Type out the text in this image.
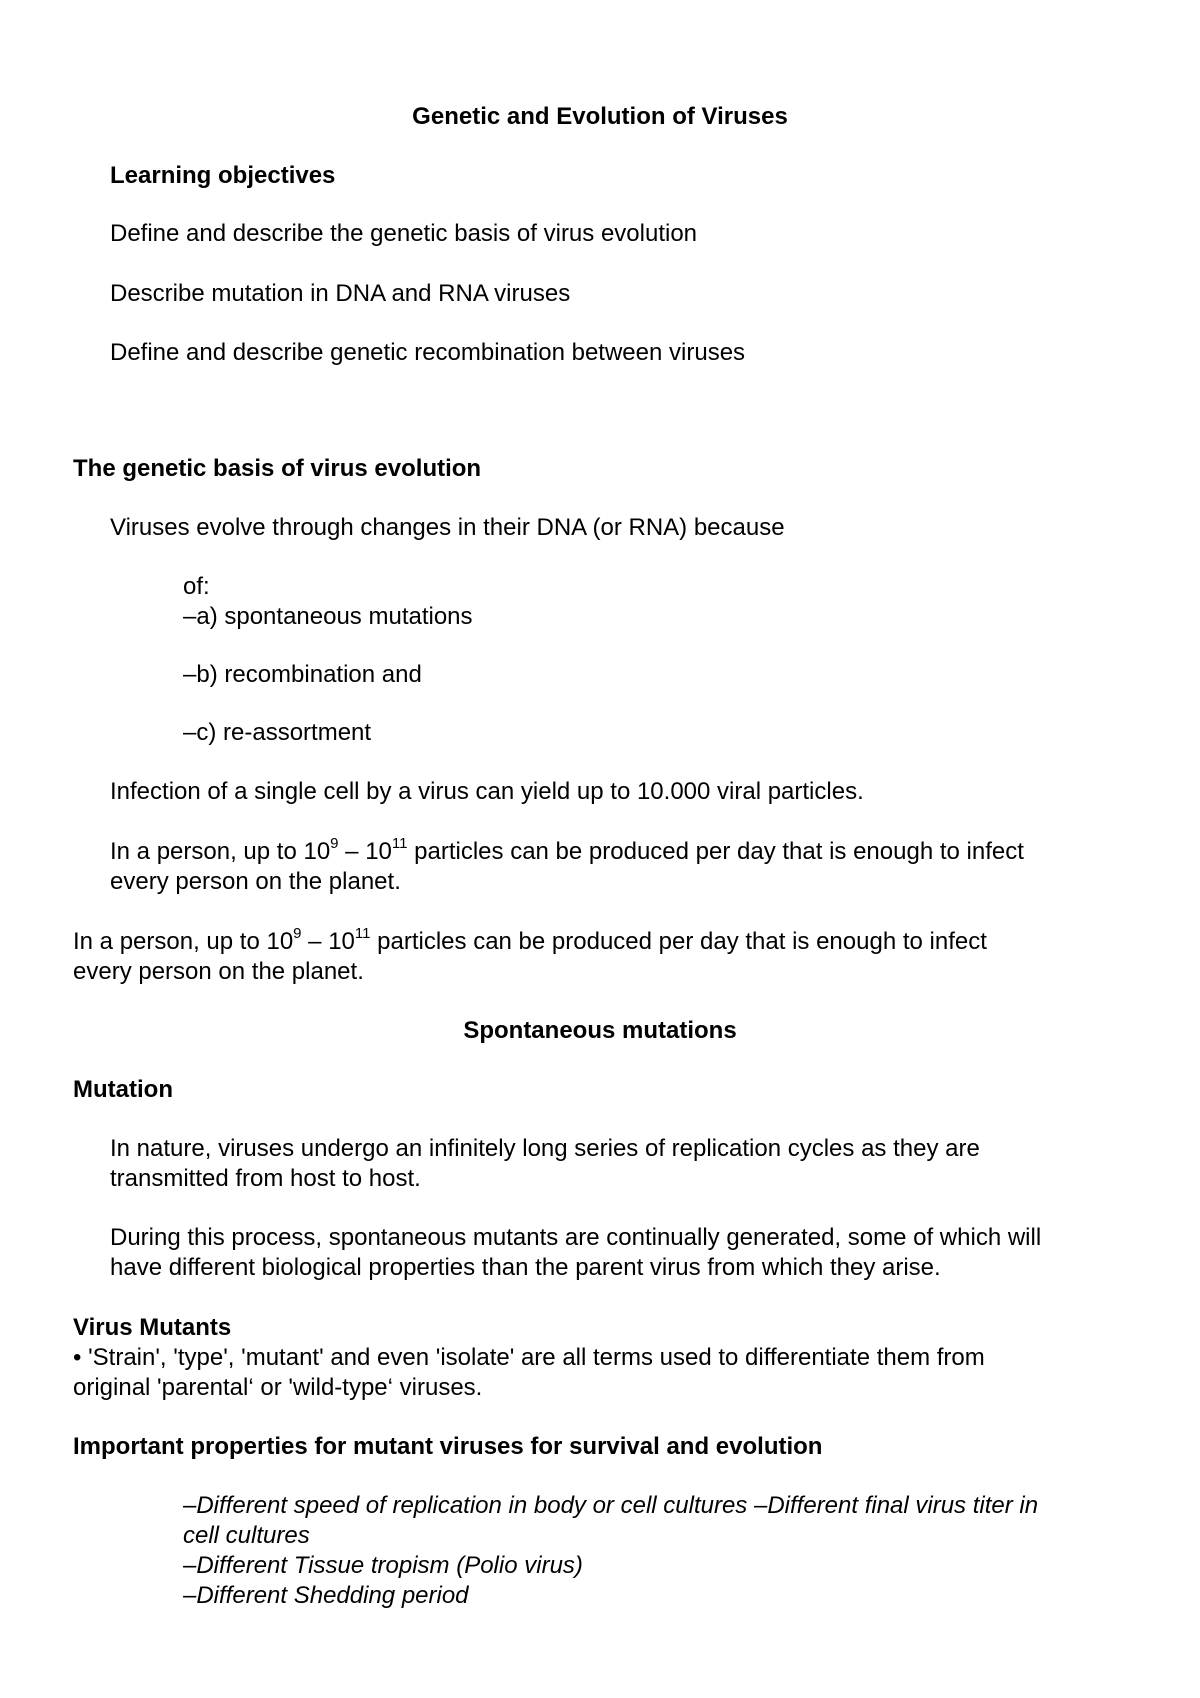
Genetic and Evolution of Viruses
Learning objectives
Define and describe the genetic basis of virus evolution
Describe mutation in DNA and RNA viruses
Define and describe genetic recombination between viruses
The genetic basis of virus evolution
Viruses evolve through changes in their DNA (or RNA) because
of:
–a) spontaneous mutations
–b) recombination and
–c) re-assortment
Infection of a single cell by a virus can yield up to 10.000 viral particles.
In a person, up to $10^9 - 10^{11}$ particles can be produced per day that is enough to infect
every person on the planet.
In a person, up to $10^9 - 10^{11}$ particles can be produced per day that is enough to infect
every person on the planet.
Spontaneous mutations
Mutation
In nature, viruses undergo an infinitely long series of replication cycles as they are
transmitted from host to host.
During this process, spontaneous mutants are continually generated, some of which will
have different biological properties than the parent virus from which they arise.
Virus Mutants
• 'Strain', 'type', 'mutant' and even 'isolate' are all terms used to differentiate them from
original 'parental‘ or 'wild-type‘ viruses.
Important properties for mutant viruses for survival and evolution
–Different speed of replication in body or cell cultures –Different final virus titer in
cell cultures
–Different Tissue tropism (Polio virus)
–Different Shedding period
